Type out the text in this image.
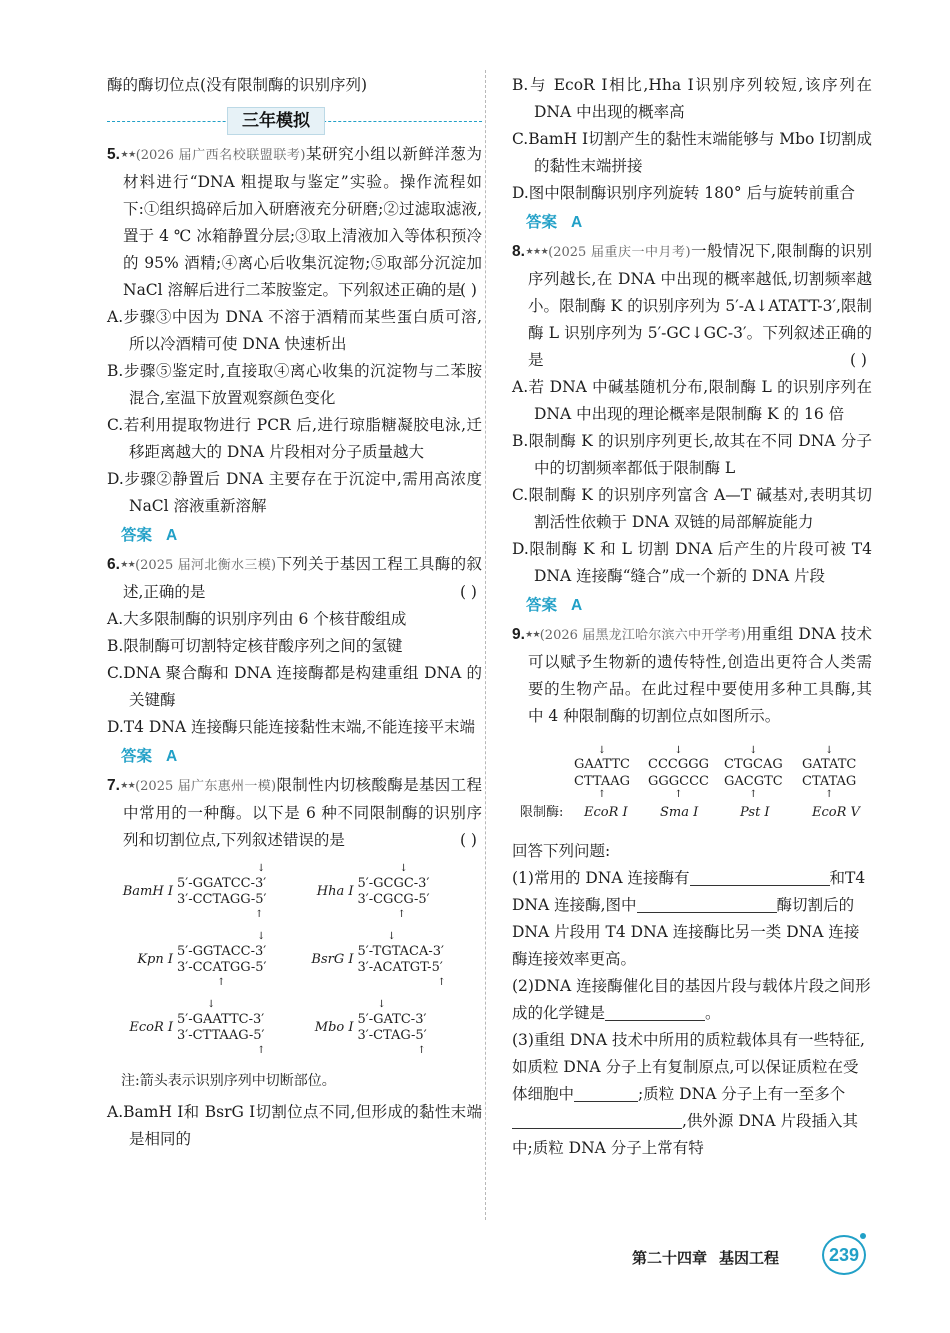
酶的酶切位点(没有限制酶的识别序列)

三年模拟

5.★★(2026 届广西名校联盟联考)某研究小组以新鲜洋葱为材料进行“DNA 粗提取与鉴定”实验。操作流程如下:①组织捣碎后加入研磨液充分研磨;②过滤取滤液,置于 4 ℃ 冰箱静置分层;③取上清液加入等体积预冷的 95% 酒精;④离心后收集沉淀物;⑤取部分沉淀加 NaCl 溶解后进行二苯胺鉴定。下列叙述正确的是
( )

A.步骤③中因为 DNA 不溶于酒精而某些蛋白质可溶,所以冷酒精可使 DNA 快速析出

B.步骤⑤鉴定时,直接取④离心收集的沉淀物与二苯胺混合,室温下放置观察颜色变化

C.若利用提取物进行 PCR 后,进行琼脂糖凝胶电泳,迁移距离越大的 DNA 片段相对分子质量越大

D.步骤②静置后 DNA 主要存在于沉淀中,需用高浓度 NaCl 溶液重新溶解

答案 A

6.★★(2025 届河北衡水三模)下列关于基因工程工具酶的叙述,正确的是	( )

A.大多限制酶的识别序列由 6 个核苷酸组成

B.限制酶可切割特定核苷酸序列之间的氢键

C.DNA 聚合酶和 DNA 连接酶都是构建重组 DNA 的关键酶

D.T4 DNA 连接酶只能连接黏性末端,不能连接平末端

答案 A

7.★★(2025 届广东惠州一模)限制性内切核酸酶是基因工程中常用的一种酶。以下是 6 种不同限制酶的识别序列和切割位点,下列叙述错误的是	( )

BamH Ⅰ
↓
5′-GGATCC-3′
3′-CCTAGG-5′
↑
Hha Ⅰ
↓
5′-GCGC-3′
3′-CGCG-5′
↑
Kpn Ⅰ
↓
5′-GGTACC-3′
3′-CCATGG-5′
↑
BsrG Ⅰ
↓
5′-TGTACA-3′
3′-ACATGT-5′
↑
EcoR Ⅰ
↓
5′-GAATTC-3′
3′-CTTAAG-5′
↑
Mbo Ⅰ
↓
5′-GATC-3′
3′-CTAG-5′
↑

注:箭头表示识别序列中切断部位。

A.BamH Ⅰ和 BsrG Ⅰ切割位点不同,但形成的黏性末端是相同的

B.与 EcoR Ⅰ相比,Hha Ⅰ识别序列较短,该序列在 DNA 中出现的概率高

C.BamH Ⅰ切割产生的黏性末端能够与 Mbo Ⅰ切割成的黏性末端拼接

D.图中限制酶识别序列旋转 180° 后与旋转前重合

答案 A

8.★★★(2025 届重庆一中月考)一般情况下,限制酶的识别序列越长,在 DNA 中出现的概率越低,切割频率越小。限制酶 K 的识别序列为 5′-A↓ATATT-3′,限制酶 L 识别序列为 5′-GC↓GC-3′。下列叙述正确的是	( )

A.若 DNA 中碱基随机分布,限制酶 L 的识别序列在 DNA 中出现的理论概率是限制酶 K 的 16 倍

B.限制酶 K 的识别序列更长,故其在不同 DNA 分子中的切割频率都低于限制酶 L

C.限制酶 K 的识别序列富含 A—T 碱基对,表明其切割活性依赖于 DNA 双链的局部解旋能力

D.限制酶 K 和 L 切割 DNA 后产生的片段可被 T4 DNA 连接酶“缝合”成一个新的 DNA 片段

答案 A

9.★★(2026 届黑龙江哈尔滨六中开学考)用重组 DNA 技术可以赋予生物新的遗传特性,创造出更符合人类需要的生物产品。在此过程中要使用多种工具酶,其中 4 种限制酶的切割位点如图所示。

↓
GAATTC
CTTAAG
↑
↓
CCCGGG
GGGCCC
↑
↓
CTGCAG
GACGTC
↑
↓
GATATC
CTATAG
↑
限制酶: EcoR Ⅰ Sma Ⅰ	Pst Ⅰ	EcoR Ⅴ

回答下列问题:

(1)常用的 DNA 连接酶有	和T4 DNA 连接酶,图中	酶切割后的 DNA 片段用 T4 DNA 连接酶比另一类 DNA 连接酶连接效率更高。

(2)DNA 连接酶催化目的基因片段与载体片段之间形成的化学键是	。

(3)重组 DNA 技术中所用的质粒载体具有一些特征,如质粒 DNA 分子上有复制原点,可以保证质粒在受体细胞中	;质粒 DNA 分子上有一至多个,供外源 DNA 片段插入其中;质粒 DNA 分子上常有特

第二十四章 基因工程	239
